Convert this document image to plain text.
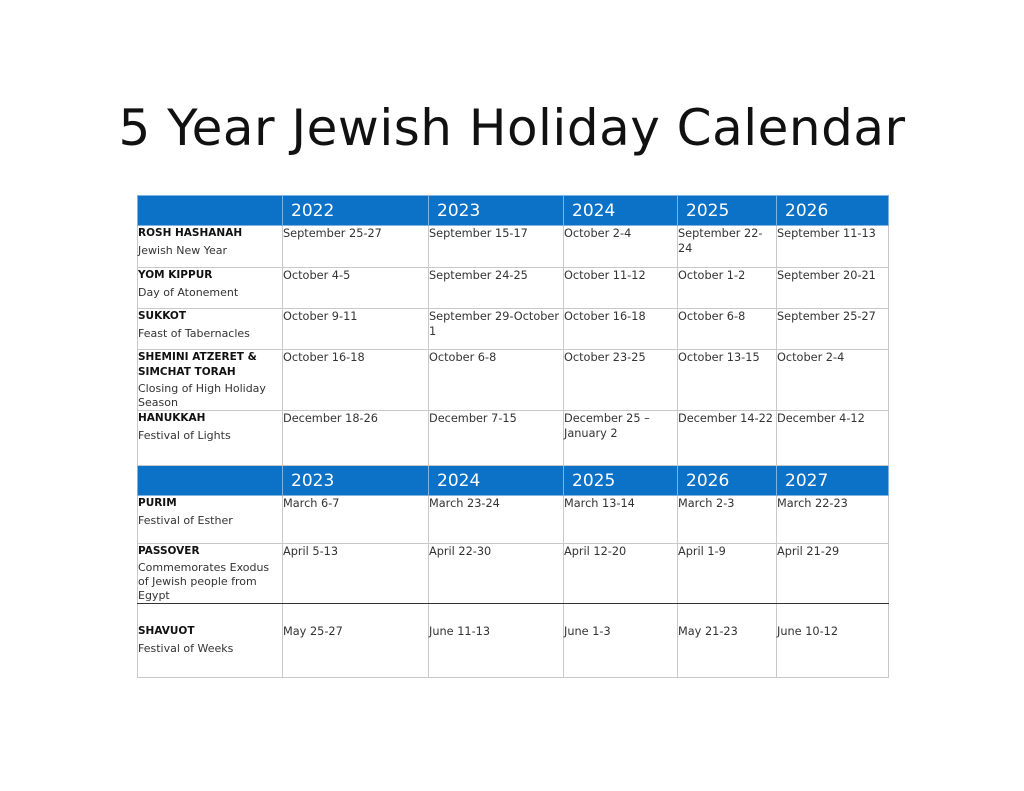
5 Year Jewish Holiday Calendar
	2022	2023	2024	2025	2026

ROSH HASHANAH
Jewish New Year	September 25-27	September 15-17	October 2-4	September 22-24	September 11-13

YOM KIPPUR
Day of Atonement	October 4-5	September 24-25	October 11-12	October 1-2	September 20-21

SUKKOT
Feast of Tabernacles	October 9-11	September 29-October 1	October 16-18	October 6-8	September 25-27

SHEMINI ATZERET & SIMCHAT TORAH
Closing of High Holiday Season	October 16-18	October 6-8	October 23-25	October 13-15	October 2-4

HANUKKAH
Festival of Lights	December 18-26	December 7-15	December 25 – January 2	December 14-22	December 4-12
	2023	2024	2025	2026	2027

PURIM
Festival of Esther	March 6-7	March 23-24	March 13-14	March 2-3	March 22-23

PASSOVER
Commemorates Exodus of Jewish people from Egypt	April 5-13	April 22-30	April 12-20	April 1-9	April 21-29

SHAVUOT
Festival of Weeks	May 25-27	June 11-13	June 1-3	May 21-23	June 10-12
